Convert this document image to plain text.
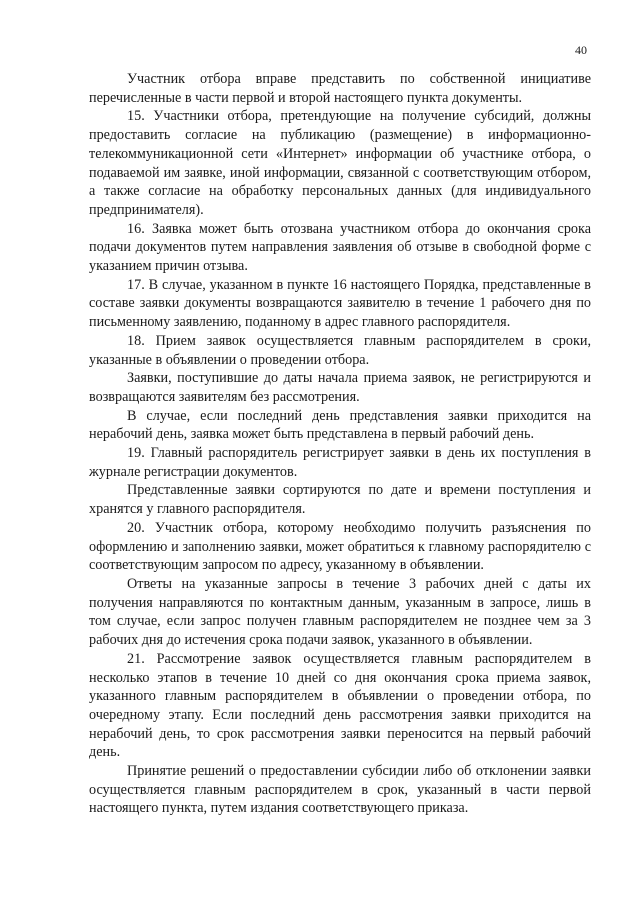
40

Участник отбора вправе представить по собственной инициативе перечисленные в части первой и второй настоящего пункта документы.

15. Участники отбора, претендующие на получение субсидий, должны предоставить согласие на публикацию (размещение) в информационно-телекоммуникационной сети «Интернет» информации об участнике отбора, о подаваемой им заявке, иной информации, связанной с соответствующим отбором, а также согласие на обработку персональных данных (для индивидуального предпринимателя).

16. Заявка может быть отозвана участником отбора до окончания срока подачи документов путем направления заявления об отзыве в свободной форме с указанием причин отзыва.

17. В случае, указанном в пункте 16 настоящего Порядка, представленные в составе заявки документы возвращаются заявителю в течение 1 рабочего дня по письменному заявлению, поданному в адрес главного распорядителя.

18. Прием заявок осуществляется главным распорядителем в сроки, указанные в объявлении о проведении отбора.

Заявки, поступившие до даты начала приема заявок, не регистрируются и возвращаются заявителям без рассмотрения.

В случае, если последний день представления заявки приходится на нерабочий день, заявка может быть представлена в первый рабочий день.

19. Главный распорядитель регистрирует заявки в день их поступления в журнале регистрации документов.

Представленные заявки сортируются по дате и времени поступления и хранятся у главного распорядителя.

20. Участник отбора, которому необходимо получить разъяснения по оформлению и заполнению заявки, может обратиться к главному распорядителю с соответствующим запросом по адресу, указанному в объявлении.

Ответы на указанные запросы в течение 3 рабочих дней с даты их получения направляются по контактным данным, указанным в запросе, лишь в том случае, если запрос получен главным распорядителем не позднее чем за 3 рабочих дня до истечения срока подачи заявок, указанного в объявлении.

21. Рассмотрение заявок осуществляется главным распорядителем в несколько этапов в течение 10 дней со дня окончания срока приема заявок, указанного главным распорядителем в объявлении о проведении отбора, по очередному этапу. Если последний день рассмотрения заявки приходится на нерабочий день, то срок рассмотрения заявки переносится на первый рабочий день.

Принятие решений о предоставлении субсидии либо об отклонении заявки осуществляется главным распорядителем в срок, указанный в части первой настоящего пункта, путем издания соответствующего приказа.
